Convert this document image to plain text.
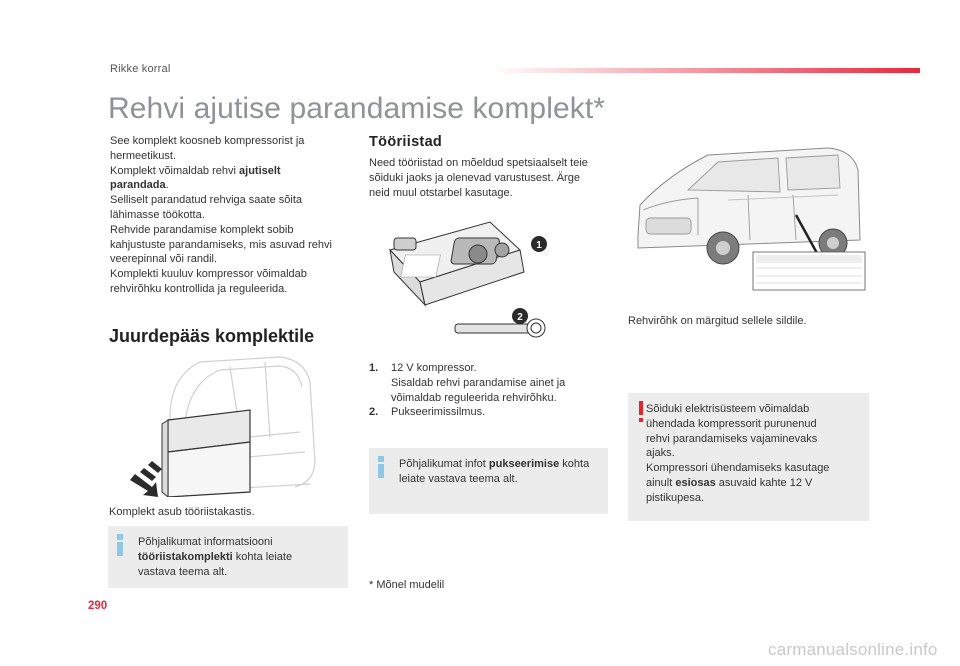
Rikke korral
Rehvi ajutise parandamise komplekt*
See komplekt koosneb kompressorist ja
hermeetikust.
Komplekt võimaldab rehvi ajutiselt
parandada.
Selliselt parandatud rehviga saate sõita
lähimasse töökotta.
Rehvide parandamise komplekt sobib
kahjustuste parandamiseks, mis asuvad rehvi
veerepinnal või randil.
Komplekti kuuluv kompressor võimaldab
rehvirõhku kontrollida ja reguleerida.
Juurdepääs komplektile
Komplekt asub tööriistakastis.
Põhjalikumat informatsiooni
tööriistakomplekti kohta leiate
vastava teema alt.
Tööriistad
Need tööriistad on mõeldud spetsiaalselt teie
sõiduki jaoks ja olenevad varustusest. Ärge
neid muul otstarbel kasutage.
1
2
1. 12 V kompressor.
Sisaldab rehvi parandamise ainet ja
võimaldab reguleerida rehvirõhku.
2. Pukseerimissilmus.
Põhjalikumat infot pukseerimise kohta
leiate vastava teema alt.
* Mõnel mudelil
Rehvirõhk on märgitud sellele sildile.
Sõiduki elektrisüsteem võimaldab
ühendada kompressorit purunenud
rehvi parandamiseks vajaminevaks
ajaks.
Kompressori ühendamiseks kasutage
ainult esiosas asuvaid kahte 12 V
pistikupesa.
290
carmanualsonline.info
